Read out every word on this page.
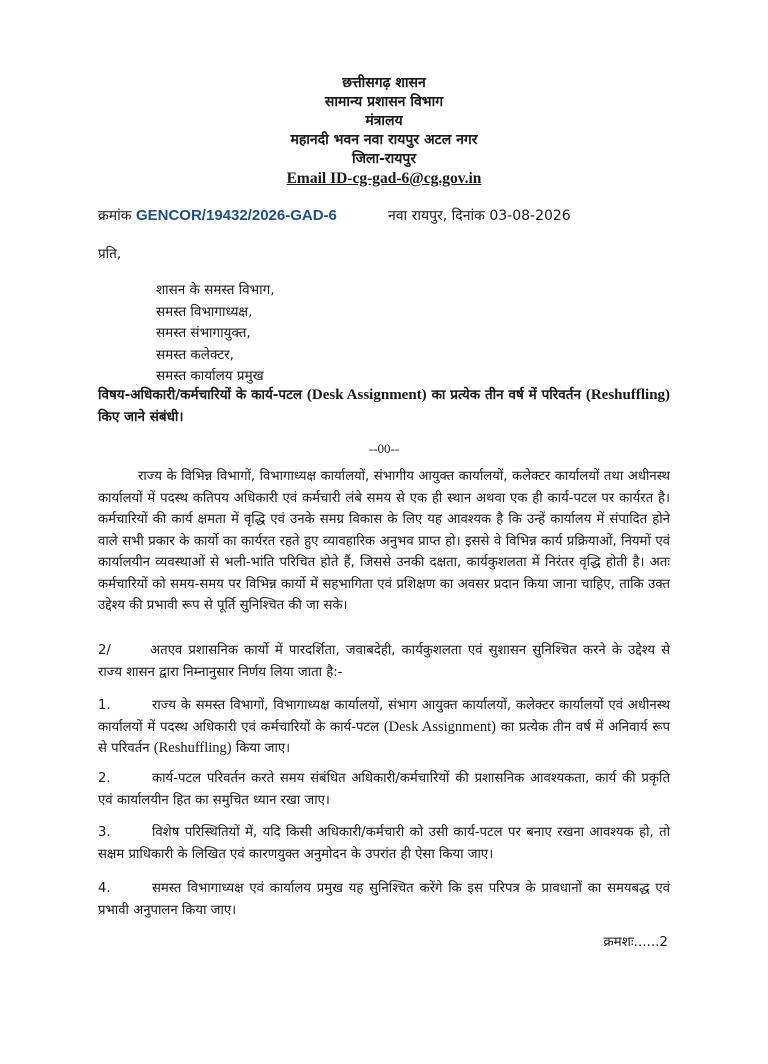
छत्तीसगढ़ शासन
सामान्य प्रशासन विभाग
मंत्रालय
महानदी भवन नवा रायपुर अटल नगर
जिला-रायपुर
Email ID-cg-gad-6@cg.gov.in
क्रमांक GENCOR/19432/2026-GAD-6	नवा रायपुर, दिनांक 03-08-2026
प्रति,
शासन के समस्त विभाग,
समस्त विभागाध्यक्ष,
समस्त संभागायुक्त,
समस्त कलेक्टर,
समस्त कार्यालय प्रमुख
विषय-अधिकारी/कर्मचारियों के कार्य-पटल (Desk Assignment) का प्रत्येक तीन वर्ष में परिवर्तन (Reshuffling) किए जाने संबंधी।
--00--
राज्य के विभिन्न विभागों, विभागाध्यक्ष कार्यालयों, संभागीय आयुक्त कार्यालयों, कलेक्टर कार्यालयों तथा अधीनस्थ कार्यालयों में पदस्थ कतिपय अधिकारी एवं कर्मचारी लंबे समय से एक ही स्थान अथवा एक ही कार्य-पटल पर कार्यरत है। कर्मचारियों की कार्य क्षमता में वृद्धि एवं उनके समग्र विकास के लिए यह आवश्यक है कि उन्हें कार्यालय में संपादित होने वाले सभी प्रकार के कार्यो का कार्यरत रहते हुए व्यावहारिक अनुभव प्राप्त हो। इससे वे विभिन्न कार्य प्रक्रियाओं, नियमों एवं कार्यालयीन व्यवस्थाओं से भली-भांति परिचित होते हैं, जिससे उनकी दक्षता, कार्यकुशलता में निरंतर वृद्धि होती है। अतः कर्मचारियों को समय-समय पर विभिन्न कार्यो में सहभागिता एवं प्रशिक्षण का अवसर प्रदान किया जाना चाहिए, ताकि उक्त उद्देश्य की प्रभावी रूप से पूर्ति सुनिश्चित की जा सके।
2/	अतएव प्रशासनिक कार्यो में पारदर्शिता, जवाबदेही, कार्यकुशलता एवं सुशासन सुनिश्चित करने के उद्देश्य से राज्य शासन द्वारा निम्नानुसार निर्णय लिया जाता है:-
1.	राज्य के समस्त विभागों, विभागाध्यक्ष कार्यालयों, संभाग आयुक्त कार्यालयों, कलेक्टर कार्यालयों एवं अधीनस्थ कार्यालयों में पदस्थ अधिकारी एवं कर्मचारियों के कार्य-पटल (Desk Assignment) का प्रत्येक तीन वर्ष में अनिवार्य रूप से परिवर्तन (Reshuffling) किया जाए।
2.	कार्य-पटल परिवर्तन करते समय संबंधित अधिकारी/कर्मचारियों की प्रशासनिक आवश्यकता, कार्य की प्रकृति एवं कार्यालयीन हित का समुचित ध्यान रखा जाए।
3.	विशेष परिस्थितियों में, यदि किसी अधिकारी/कर्मचारी को उसी कार्य-पटल पर बनाए रखना आवश्यक हो, तो सक्षम प्राधिकारी के लिखित एवं कारणयुक्त अनुमोदन के उपरांत ही ऐसा किया जाए।
4.	समस्त विभागाध्यक्ष एवं कार्यालय प्रमुख यह सुनिश्चित करेंगे कि इस परिपत्र के प्रावधानों का समयबद्ध एवं प्रभावी अनुपालन किया जाए।
क्रमशः......2
